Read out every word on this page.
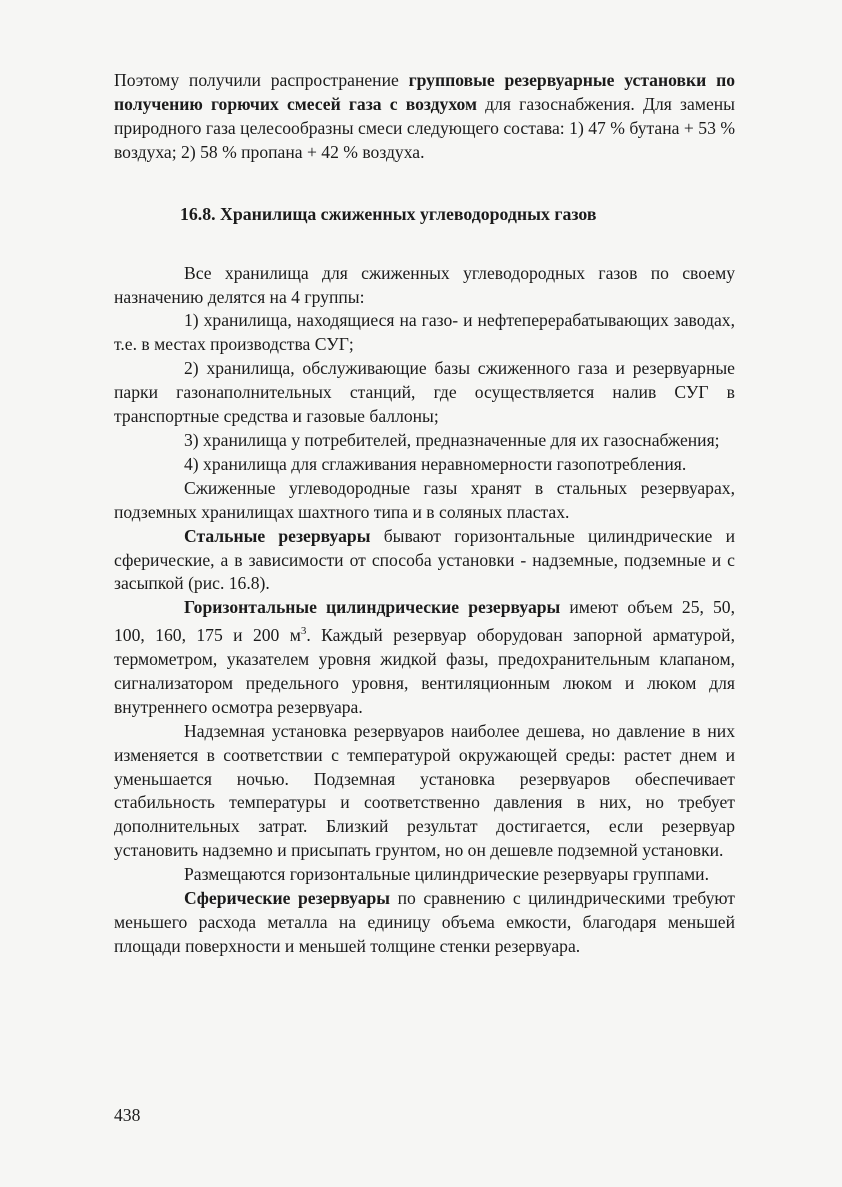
Поэтому получили распространение групповые резервуарные установки по получению горючих смесей газа с воздухом для газоснабжения. Для замены природного газа целесообразны смеси следующего состава: 1) 47 % бутана + 53 % воздуха; 2) 58 % пропана + 42 % воздуха.

16.8. Хранилища сжиженных углеводородных газов

Все хранилища для сжиженных углеводородных газов по своему назначению делятся на 4 группы:

1) хранилища, находящиеся на газо- и нефтеперерабатывающих заводах, т.е. в местах производства СУГ;

2) хранилища, обслуживающие базы сжиженного газа и резервуарные парки газонаполнительных станций, где осуществляется налив СУГ в транспортные средства и газовые баллоны;

3) хранилища у потребителей, предназначенные для их газоснабжения;

4) хранилища для сглаживания неравномерности газопотребления.

Сжиженные углеводородные газы хранят в стальных резервуарах, подземных хранилищах шахтного типа и в соляных пластах.

Стальные резервуары бывают горизонтальные цилиндрические и сферические, а в зависимости от способа установки - надземные, подземные и с засыпкой (рис. 16.8).

Горизонтальные цилиндрические резервуары имеют объем 25, 50, 100, 160, 175 и 200 $м^3$. Каждый резервуар оборудован запорной арматурой, термометром, указателем уровня жидкой фазы, предохранительным клапаном, сигнализатором предельного уровня, вентиляционным люком и люком для внутреннего осмотра резервуара.

Надземная установка резервуаров наиболее дешева, но давление в них изменяется в соответствии с температурой окружающей среды: растет днем и уменьшается ночью. Подземная установка резервуаров обеспечивает стабильность температуры и соответственно давления в них, но требует дополнительных затрат. Близкий результат достигается, если резервуар установить надземно и присыпать грунтом, но он дешевле подземной установки.

Размещаются горизонтальные цилиндрические резервуары группами.

Сферические резервуары по сравнению с цилиндрическими требуют меньшего расхода металла на единицу объема емкости, благодаря меньшей площади поверхности и меньшей толщине стенки резервуара.

438
